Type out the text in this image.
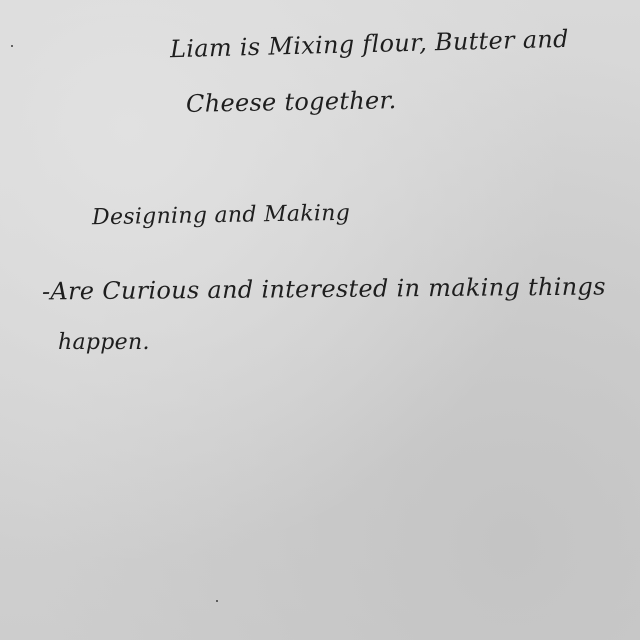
Liam is Mixing flour, Butter and

Cheese together.

Designing and Making

-Are Curious and interested in making things

happen.
